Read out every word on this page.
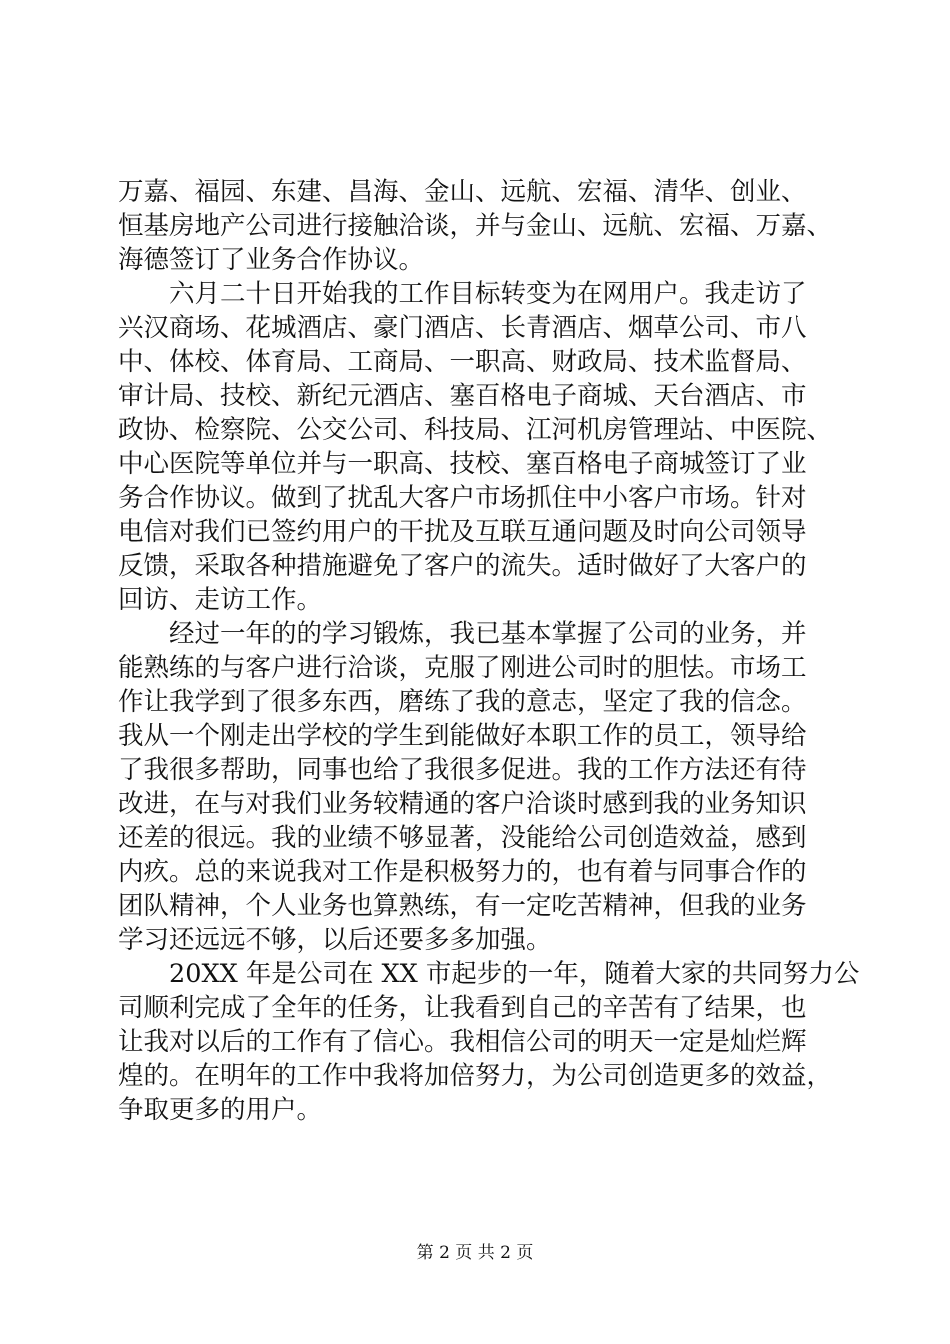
万嘉、福园、东建、昌海、金山、远航、宏福、清华、创业、
恒基房地产公司进行接触洽谈，并与金山、远航、宏福、万嘉、
海德签订了业务合作协议。
　　六月二十日开始我的工作目标转变为在网用户。我走访了
兴汉商场、花城酒店、豪门酒店、长青酒店、烟草公司、市八
中、体校、体育局、工商局、一职高、财政局、技术监督局、
审计局、技校、新纪元酒店、塞百格电子商城、天台酒店、市
政协、检察院、公交公司、科技局、江河机房管理站、中医院、
中心医院等单位并与一职高、技校、塞百格电子商城签订了业
务合作协议。做到了扰乱大客户市场抓住中小客户市场。针对
电信对我们已签约用户的干扰及互联互通问题及时向公司领导
反馈，采取各种措施避免了客户的流失。适时做好了大客户的
回访、走访工作。
　　经过一年的的学习锻炼，我已基本掌握了公司的业务，并
能熟练的与客户进行洽谈，克服了刚进公司时的胆怯。市场工
作让我学到了很多东西，磨练了我的意志，坚定了我的信念。
我从一个刚走出学校的学生到能做好本职工作的员工，领导给
了我很多帮助，同事也给了我很多促进。我的工作方法还有待
改进，在与对我们业务较精通的客户洽谈时感到我的业务知识
还差的很远。我的业绩不够显著，没能给公司创造效益，感到
内疚。总的来说我对工作是积极努力的，也有着与同事合作的
团队精神，个人业务也算熟练，有一定吃苦精神，但我的业务
学习还远远不够，以后还要多多加强。
　　20XX 年是公司在 XX 市起步的一年，随着大家的共同努力公
司顺利完成了全年的任务，让我看到自己的辛苦有了结果，也
让我对以后的工作有了信心。我相信公司的明天一定是灿烂辉
煌的。在明年的工作中我将加倍努力，为公司创造更多的效益，
争取更多的用户。
第 2 页 共 2 页
